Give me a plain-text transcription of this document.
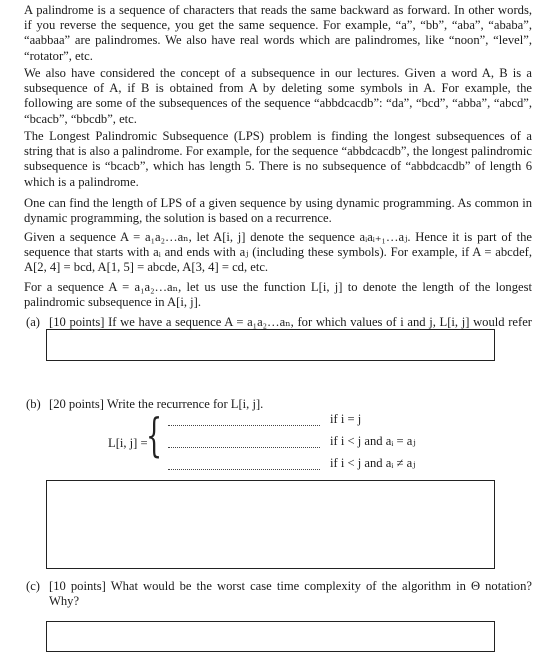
A palindrome is a sequence of characters that reads the same backward as forward. In other words, if you reverse the sequence, you get the same sequence. For example, “a”, “bb”, “aba”, “ababa”, “aabbaa” are palindromes. We also have real words which are palindromes, like “noon”, “level”, “rotator”, etc.

We also have considered the concept of a subsequence in our lectures. Given a word A, B is a subsequence of A, if B is obtained from A by deleting some symbols in A. For example, the following are some of the subsequences of the sequence “abbdcacdb”: “da”, “bcd”, “abba”, “abcd”, “bcacb”, “bbcdb”, etc.

The Longest Palindromic Subsequence (LPS) problem is finding the longest subsequences of a string that is also a palindrome. For example, for the sequence “abbdcacdb”, the longest palindromic subsequence is “bcacb”, which has length 5. There is no subsequence of “abbdcacdb” of length 6 which is a palindrome.

One can find the length of LPS of a given sequence by using dynamic programming. As common in dynamic programming, the solution is based on a recurrence.

Given a sequence A = a₁a₂…aₙ, let A[i, j] denote the sequence aᵢaᵢ₊₁…aⱼ. Hence it is part of the sequence that starts with aᵢ and ends with aⱼ (including these symbols). For example, if A = abcdef, A[2, 4] = bcd, A[1, 5] = abcde, A[3, 4] = cd, etc.

For a sequence A = a₁a₂…aₙ, let us use the function L[i, j] to denote the length of the longest palindromic subsequence in A[i, j].

(a) [10 points] If we have a sequence A = a₁a₂…aₙ, for which values of i and j, L[i, j] would refer
(b) [20 points] Write the recurrence for L[i, j].
L[i, j] =
{	if i = j
if i < j and aᵢ = aⱼ
if i < j and aᵢ ≠ aⱼ
(c) [10 points] What would be the worst case time complexity of the algorithm in Θ notation? Why?
